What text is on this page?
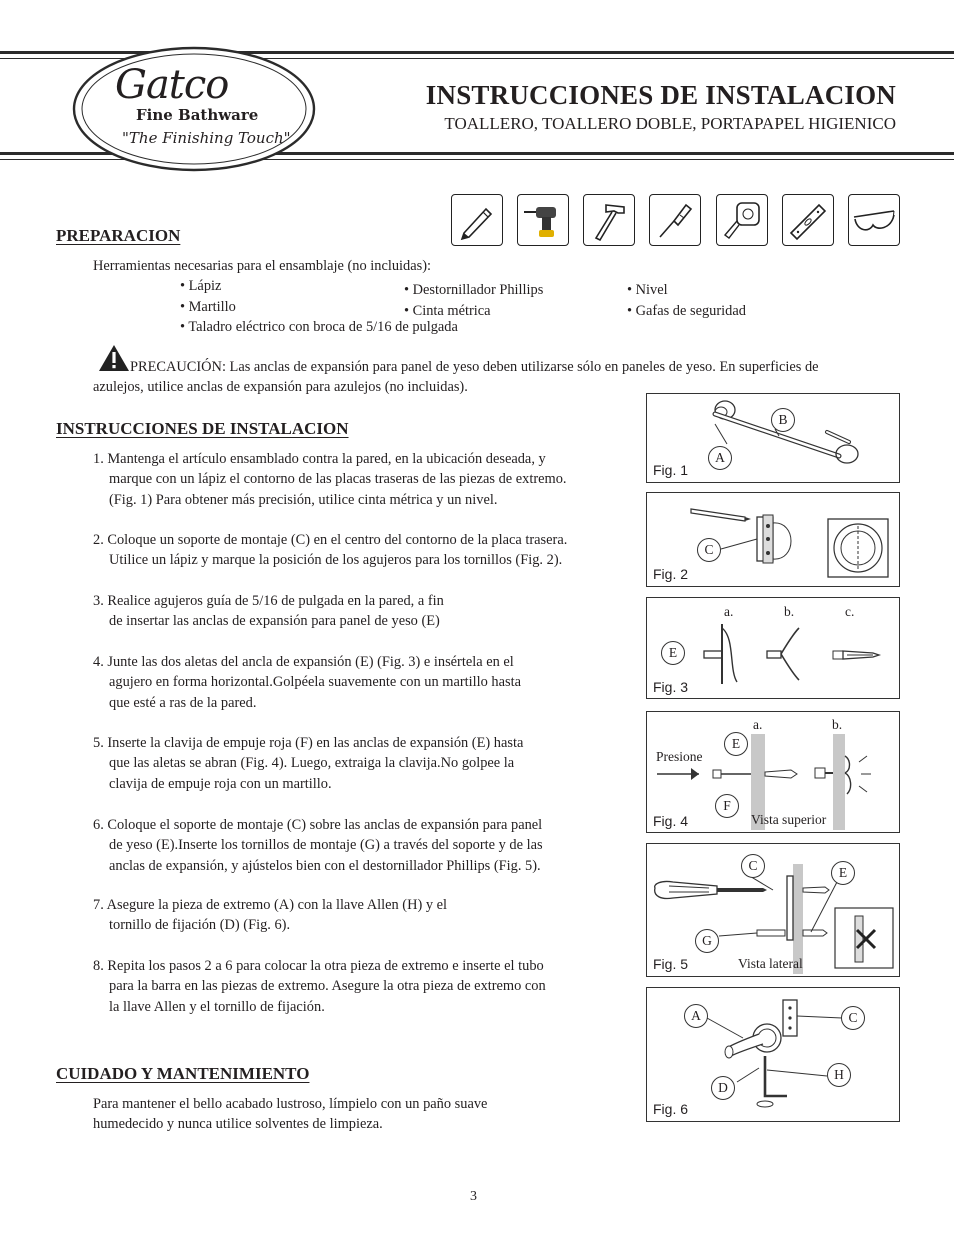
Gatco
Fine Bathware
"The Finishing Touch"
INSTRUCCIONES DE INSTALACION
TOALLERO, TOALLERO DOBLE, PORTAPAPEL HIGIENICO
PREPARACION
Herramientas necesarias para el ensamblaje (no incluidas):
• Lápiz
• Martillo
• Taladro eléctrico con broca de 5/16 de pulgada
• Destornillador Phillips
• Cinta métrica
• Nivel
• Gafas de seguridad
PRECAUCIÓN: Las anclas de expansión para panel de yeso deben utilizarse sólo en paneles de yeso. En superficies de
azulejos, utilice anclas de expansión para azulejos (no incluidas).
INSTRUCCIONES DE INSTALACION
1. Mantenga el artículo ensamblado contra la pared, en la ubicación deseada, y
marque con un lápiz el contorno de las placas traseras de las piezas de extremo.
(Fig. 1) Para obtener más precisión, utilice cinta métrica y un nivel.
2. Coloque un soporte de montaje (C) en el centro del contorno de la placa trasera.
Utilice un lápiz y marque la posición de los agujeros para los tornillos (Fig. 2).
3. Realice agujeros guía de 5/16 de pulgada en la pared, a fin
de insertar las anclas de expansión para panel de yeso (E)
4. Junte las dos aletas del ancla de expansión (E) (Fig. 3) e insértela en el
agujero en forma horizontal.Golpéela suavemente con un martillo hasta
que esté a ras de la pared.
5. Inserte la clavija de empuje roja (F) en las anclas de expansión (E) hasta
que las aletas se abran (Fig. 4). Luego, extraiga la clavija.No golpee la
clavija de empuje roja con un martillo.
6. Coloque el soporte de montaje (C) sobre las anclas de expansión para panel
de yeso (E).Inserte los tornillos de montaje (G) a través del soporte y de las
anclas de expansión, y ajústelos bien con el destornillador Phillips (Fig. 5).
7. Asegure la pieza de extremo (A) con la llave Allen (H) y el
tornillo de fijación (D) (Fig. 6).
8. Repita los pasos 2 a 6 para colocar la otra pieza de extremo e inserte el tubo
para la barra en las piezas de extremo. Asegure la otra pieza de extremo con
la llave Allen y el tornillo de fijación.
CUIDADO Y MANTENIMIENTO
Para mantener el bello acabado lustroso, límpielo con un paño suave
humedecido y nunca utilice solventes de limpieza.
A
B
Fig. 1
C
Fig. 2
a.	b.	c.
E
Fig. 3
a.	b.
Presione
E
F
Fig. 4	Vista superior
C	E
G
Fig. 5	Vista lateral
A	C
D
H
Fig. 6
3
